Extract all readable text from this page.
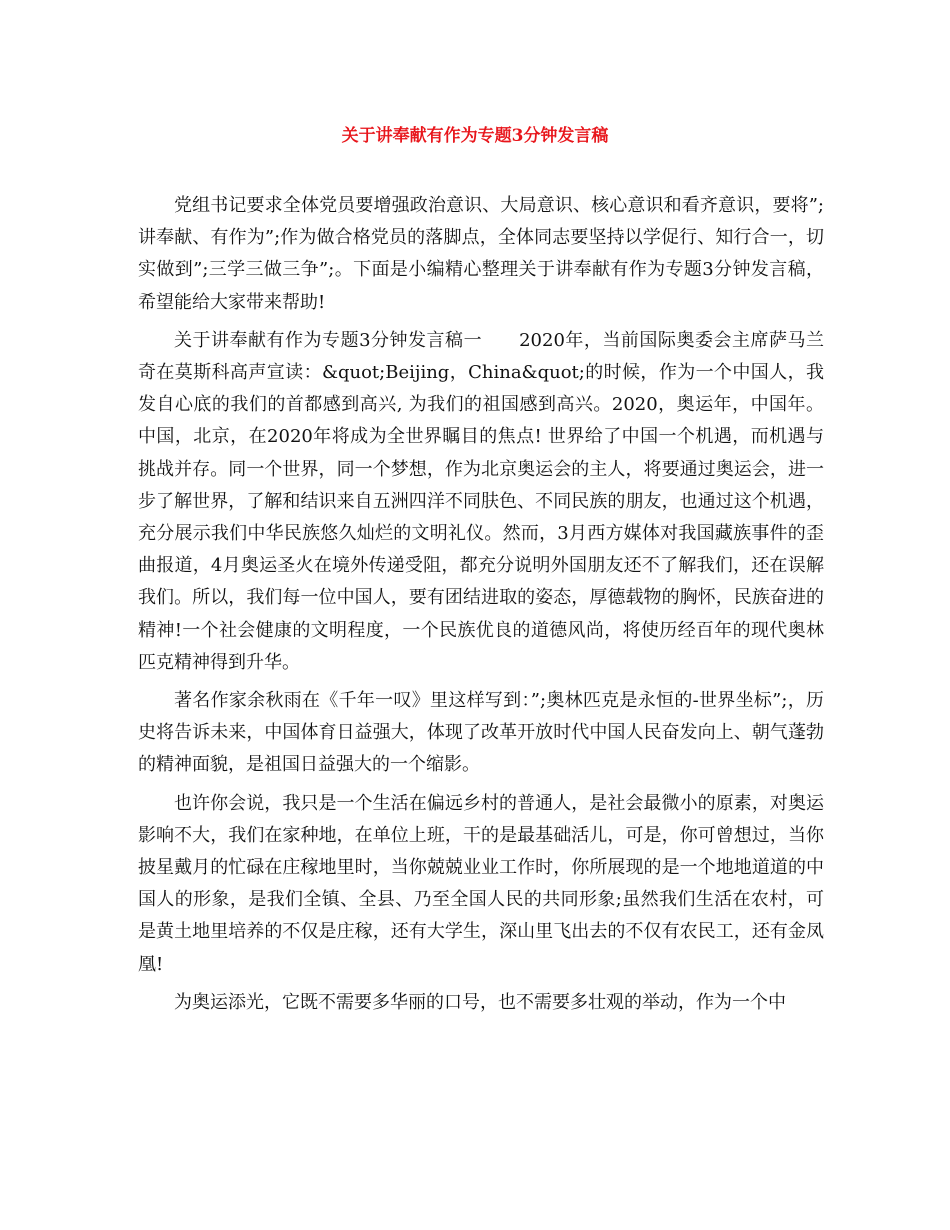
关于讲奉献有作为专题3分钟发言稿

党组书记要求全体党员要增强政治意识、大局意识、核心意识和看齐意识，要将”;讲奉献、有作为”;作为做合格党员的落脚点，全体同志要坚持以学促行、知行合一，切实做到”;三学三做三争”;。下面是小编精心整理关于讲奉献有作为专题3分钟发言稿，希望能给大家带来帮助!

关于讲奉献有作为专题3分钟发言稿一　　2020年，当前国际奥委会主席萨马兰奇在莫斯科高声宣读：&quot;Beijing，China&quot;的时候，作为一个中国人，我发自心底的我们的首都感到高兴, 为我们的祖国感到高兴。2020，奥运年，中国年。中国，北京，在2020年将成为全世界瞩目的焦点! 世界给了中国一个机遇，而机遇与挑战并存。同一个世界，同一个梦想，作为北京奥运会的主人，将要通过奥运会，进一步了解世界，了解和结识来自五洲四洋不同肤色、不同民族的朋友，也通过这个机遇，充分展示我们中华民族悠久灿烂的文明礼仪。然而，3月西方媒体对我国藏族事件的歪曲报道，4月奥运圣火在境外传递受阻，都充分说明外国朋友还不了解我们，还在误解我们。所以，我们每一位中国人，要有团结进取的姿态，厚德载物的胸怀，民族奋进的精神!一个社会健康的文明程度，一个民族优良的道德风尚，将使历经百年的现代奥林匹克精神得到升华。

著名作家余秋雨在《千年一叹》里这样写到：”;奥林匹克是永恒的-世界坐标”;，历史将告诉未来，中国体育日益强大，体现了改革开放时代中国人民奋发向上、朝气蓬勃的精神面貌，是祖国日益强大的一个缩影。

也许你会说，我只是一个生活在偏远乡村的普通人，是社会最微小的原素，对奥运影响不大，我们在家种地，在单位上班，干的是最基础活儿，可是，你可曾想过，当你披星戴月的忙碌在庄稼地里时，当你兢兢业业工作时，你所展现的是一个地地道道的中国人的形象，是我们全镇、全县、乃至全国人民的共同形象;虽然我们生活在农村，可是黄土地里培养的不仅是庄稼，还有大学生，深山里飞出去的不仅有农民工，还有金凤凰!

为奥运添光，它既不需要多华丽的口号，也不需要多壮观的举动，作为一个中
